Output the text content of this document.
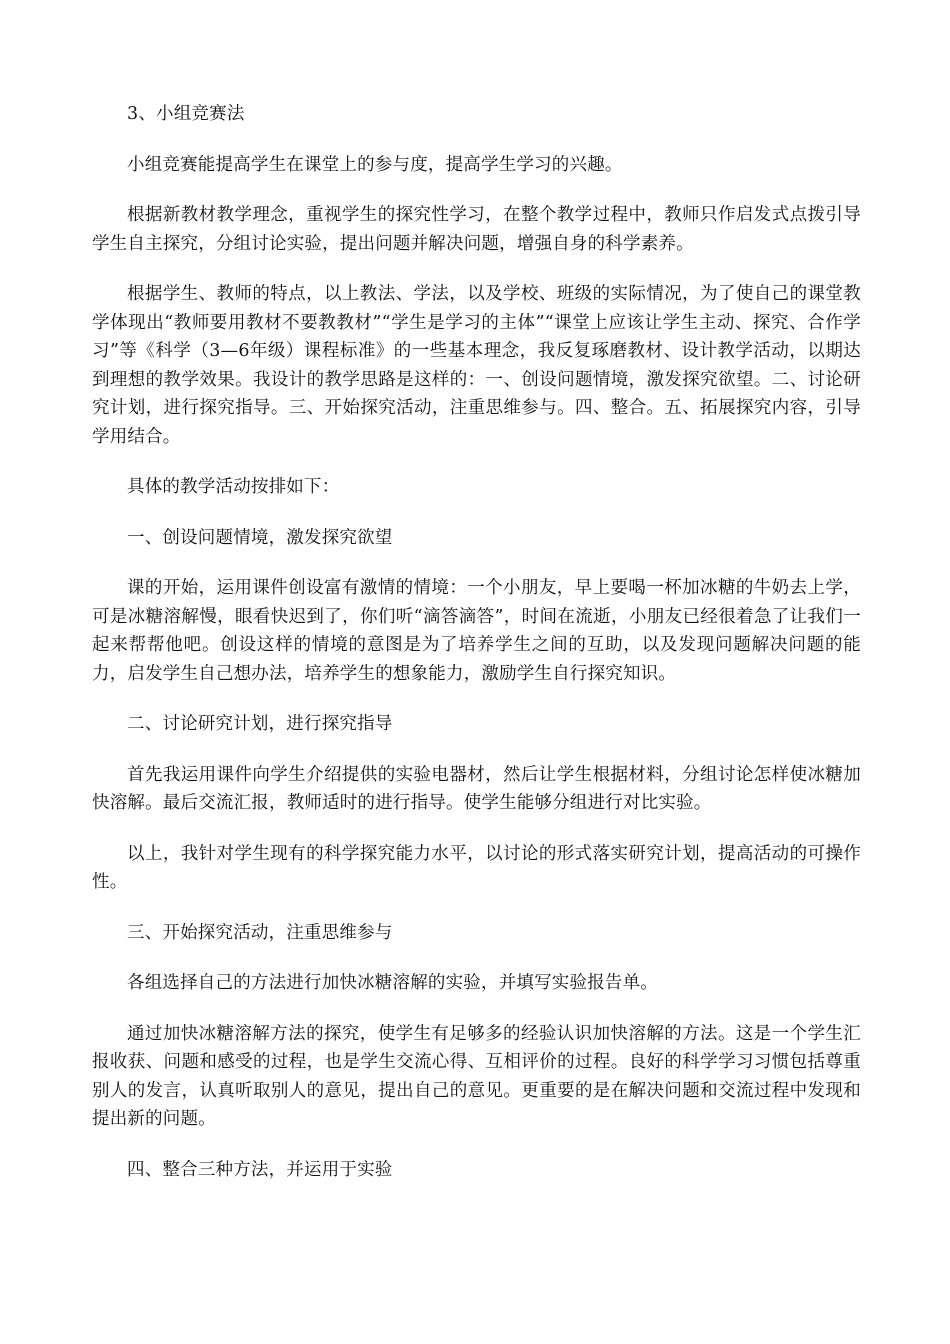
3、小组竞赛法

小组竞赛能提高学生在课堂上的参与度，提高学生学习的兴趣。

根据新教材教学理念，重视学生的探究性学习，在整个教学过程中，教师只作启发式点拨引导学生自主探究，分组讨论实验，提出问题并解决问题，增强自身的科学素养。

根据学生、教师的特点，以上教法、学法，以及学校、班级的实际情况，为了使自己的课堂教学体现出“教师要用教材不要教教材”“学生是学习的主体”“课堂上应该让学生主动、探究、合作学习”等《科学（3—6年级）课程标准》的一些基本理念，我反复琢磨教材、设计教学活动，以期达到理想的教学效果。我设计的教学思路是这样的：一、创设问题情境，激发探究欲望。二、讨论研究计划，进行探究指导。三、开始探究活动，注重思维参与。四、整合。五、拓展探究内容，引导学用结合。

具体的教学活动按排如下：

一、创设问题情境，激发探究欲望

课的开始，运用课件创设富有激情的情境：一个小朋友，早上要喝一杯加冰糖的牛奶去上学，可是冰糖溶解慢，眼看快迟到了，你们听“滴答滴答”，时间在流逝，小朋友已经很着急了让我们一起来帮帮他吧。创设这样的情境的意图是为了培养学生之间的互助，以及发现问题解决问题的能力，启发学生自己想办法，培养学生的想象能力，激励学生自行探究知识。

二、讨论研究计划，进行探究指导

首先我运用课件向学生介绍提供的实验电器材，然后让学生根据材料，分组讨论怎样使冰糖加快溶解。最后交流汇报，教师适时的进行指导。使学生能够分组进行对比实验。

以上，我针对学生现有的科学探究能力水平，以讨论的形式落实研究计划，提高活动的可操作性。

三、开始探究活动，注重思维参与

各组选择自己的方法进行加快冰糖溶解的实验，并填写实验报告单。

通过加快冰糖溶解方法的探究，使学生有足够多的经验认识加快溶解的方法。这是一个学生汇报收获、问题和感受的过程，也是学生交流心得、互相评价的过程。良好的科学学习习惯包括尊重别人的发言，认真听取别人的意见，提出自己的意见。更重要的是在解决问题和交流过程中发现和提出新的问题。

四、整合三种方法，并运用于实验
